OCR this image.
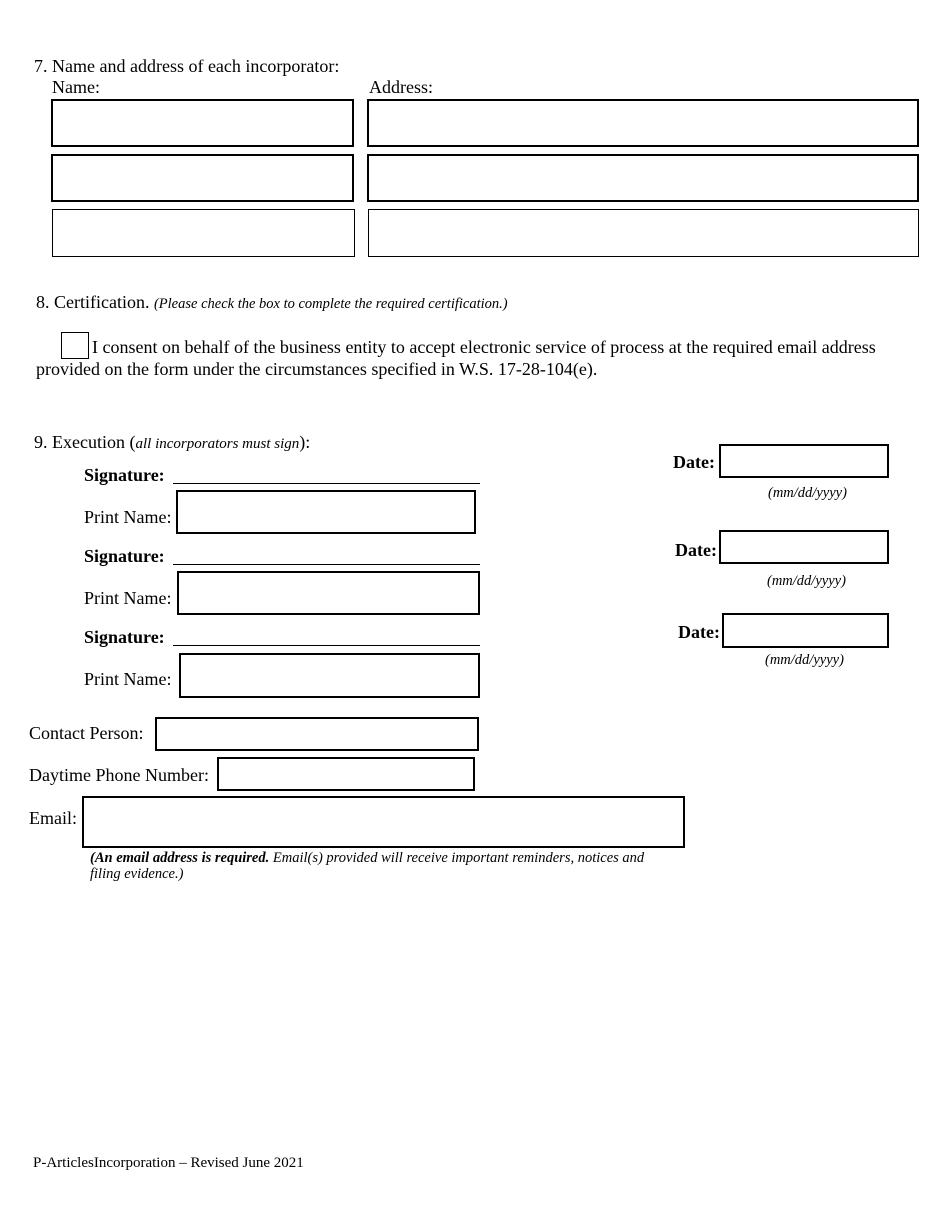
7. Name and address of each incorporator:
Name:	Address:
8. Certification. (Please check the box to complete the required certification.)
I consent on behalf of the business entity to accept electronic service of process at the required email address
provided on the form under the circumstances specified in W.S. 17-28-104(e).
9. Execution (all incorporators must sign):
Signature:
Print Name:
Date:
(mm/dd/yyyy)
Signature:
Print Name:
Date:
(mm/dd/yyyy)
Signature:
Print Name:
Date:
(mm/dd/yyyy)
Contact Person:
Daytime Phone Number:
Email:
(An email address is required. Email(s) provided will receive important reminders, notices and
filing evidence.)
P-ArticlesIncorporation – Revised June 2021
